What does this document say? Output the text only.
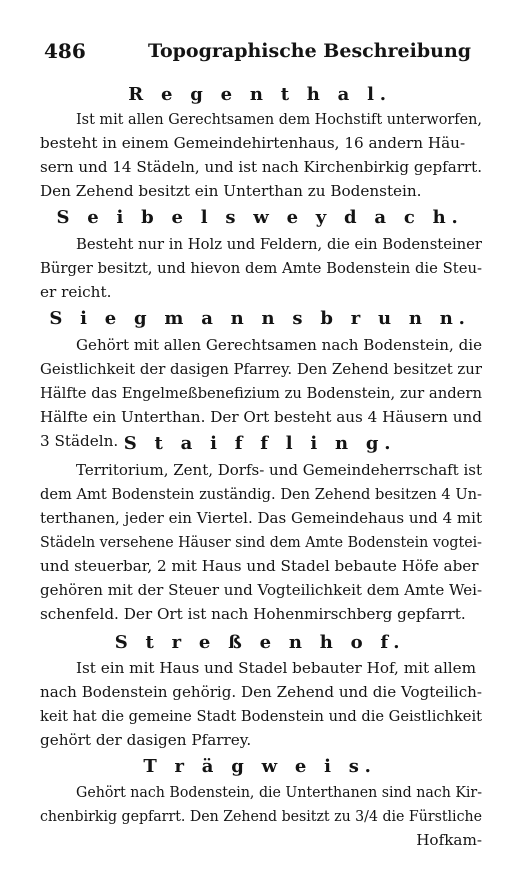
486	Topographische Beschreibung
R e g e n t h a l.
Ist mit allen Gerechtsamen dem Hochstift unterworfen,
besteht in einem Gemeindehirtenhaus, 16 andern Häu-
sern und 14 Städeln, und ist nach Kirchenbirkig gepfarrt.
Den Zehend besitzt ein Unterthan zu Bodenstein.
S e i b e l s w e y d a c h.
Besteht nur in Holz und Feldern, die ein Bodensteiner
Bürger besitzt, und hievon dem Amte Bodenstein die Steu-
er reicht.
S i e g m a n n s b r u n n.
Gehört mit allen Gerechtsamen nach Bodenstein, die
Geistlichkeit der dasigen Pfarrey. Den Zehend besitzet zur
Hälfte das Engelmeßbenefizium zu Bodenstein, zur andern
Hälfte ein Unterthan. Der Ort besteht aus 4 Häusern und
3 Städeln. S t a i f f l i n g.
Territorium, Zent, Dorfs- und Gemeindeherrschaft ist
dem Amt Bodenstein zuständig. Den Zehend besitzen 4 Un-
terthanen, jeder ein Viertel. Das Gemeindehaus und 4 mit
Städeln versehene Häuser sind dem Amte Bodenstein vogtei-
und steuerbar, 2 mit Haus und Stadel bebaute Höfe aber
gehören mit der Steuer und Vogteilichkeit dem Amte Wei-
schenfeld. Der Ort ist nach Hohenmirschberg gepfarrt.
S t r e ß e n h o f.
Ist ein mit Haus und Stadel bebauter Hof, mit allem
nach Bodenstein gehörig. Den Zehend und die Vogteilich-
keit hat die gemeine Stadt Bodenstein und die Geistlichkeit
gehört der dasigen Pfarrey.
T r ä g w e i s.
Gehört nach Bodenstein, die Unterthanen sind nach Kir-
chenbirkig gepfarrt. Den Zehend besitzt zu 3/4 die Fürstliche
Hofkam-
